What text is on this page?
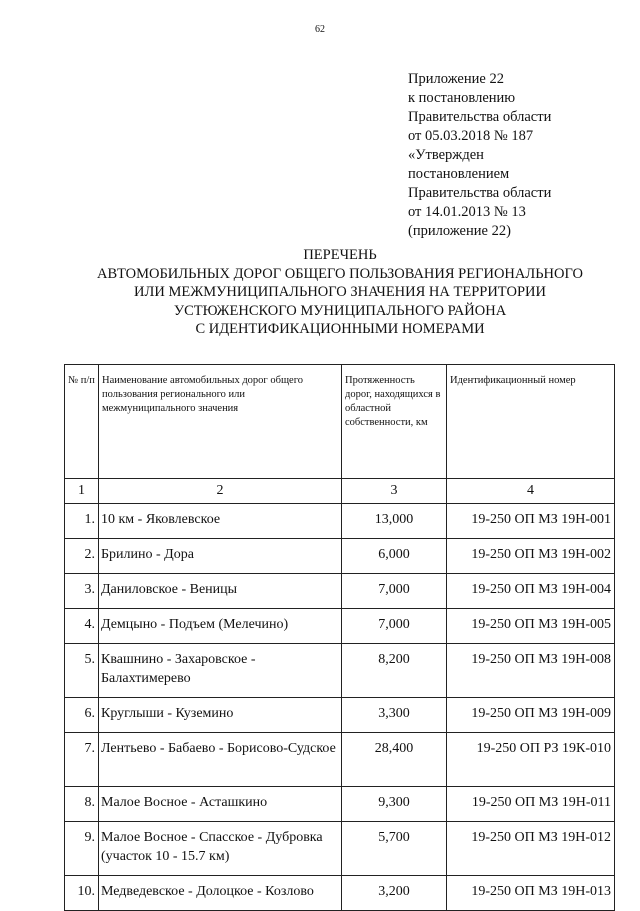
62
Приложение 22
к постановлению
Правительства области
от 05.03.2018 № 187
«Утвержден
постановлением
Правительства области
от 14.01.2013 № 13
(приложение 22)
ПЕРЕЧЕНЬ
АВТОМОБИЛЬНЫХ ДОРОГ ОБЩЕГО ПОЛЬЗОВАНИЯ РЕГИОНАЛЬНОГО
ИЛИ МЕЖМУНИЦИПАЛЬНОГО ЗНАЧЕНИЯ НА ТЕРРИТОРИИ
УСТЮЖЕНСКОГО МУНИЦИПАЛЬНОГО РАЙОНА
С ИДЕНТИФИКАЦИОННЫМИ НОМЕРАМИ
№ п/п	Наименование автомобильных дорог общего пользования регионального или межмуниципального значения	Протяженность дорог, находящихся в областной собственности, км	Идентификационный номер
1	2	3	4
1.	10 км - Яковлевское	13,000	19-250 ОП МЗ 19Н-001
2.	Брилино - Дора	6,000	19-250 ОП МЗ 19Н-002
3.	Даниловское - Веницы	7,000	19-250 ОП МЗ 19Н-004
4.	Демцыно - Подъем (Мелечино)	7,000	19-250 ОП МЗ 19Н-005
5.	Квашнино - Захаровское - Балахтимерево	8,200	19-250 ОП МЗ 19Н-008
6.	Круглыши - Куземино	3,300	19-250 ОП МЗ 19Н-009
7.	Лентьево - Бабаево - Борисово-Судское	28,400	19-250 ОП РЗ 19К-010
8.	Малое Восное - Асташкино	9,300	19-250 ОП МЗ 19Н-011
9.	Малое Восное - Спасское - Дубровка (участок 10 - 15.7 км)	5,700	19-250 ОП МЗ 19Н-012
10.	Медведевское - Долоцкое - Козлово	3,200	19-250 ОП МЗ 19Н-013
